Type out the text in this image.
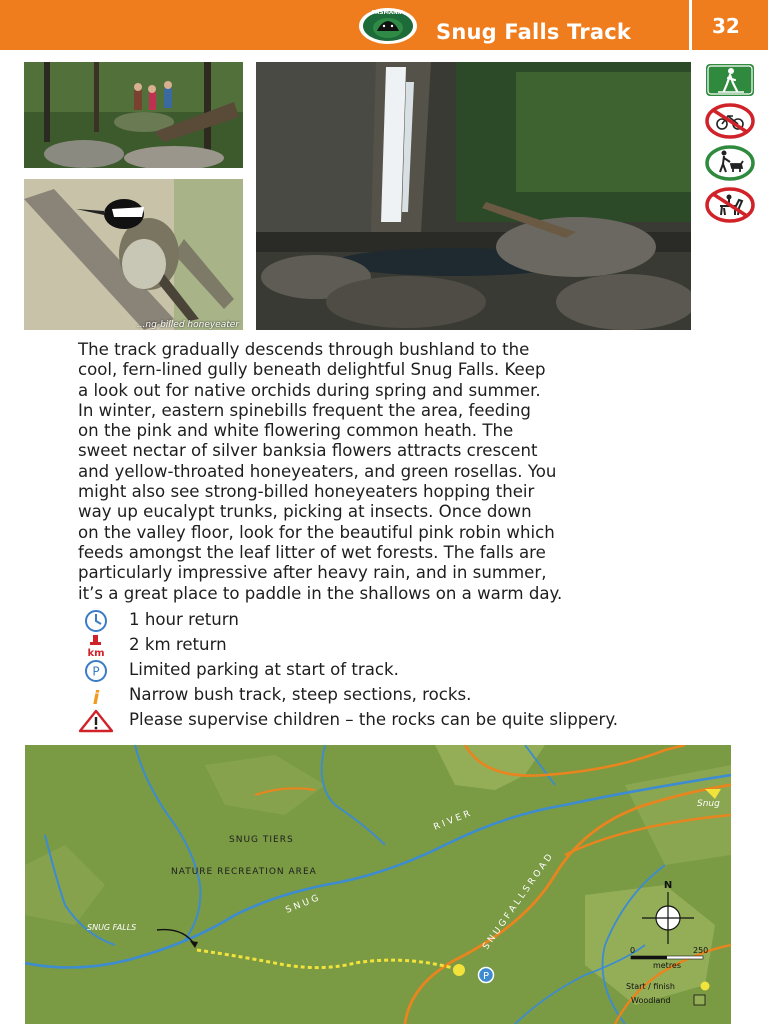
TASMANIA
Snug Falls Track	32
...ng-billed honeyeater

The track gradually descends through bushland to the

cool, fern-lined gully beneath delightful Snug Falls. Keep

a look out for native orchids during spring and summer.

In winter, eastern spinebills frequent the area, feeding

on the pink and white flowering common heath. The

sweet nectar of silver banksia flowers attracts crescent

and yellow-throated honeyeaters, and green rosellas. You

might also see strong-billed honeyeaters hopping their

way up eucalypt trunks, picking at insects. Once down

on the valley floor, look for the beautiful pink robin which

feeds amongst the leaf litter of wet forests. The falls are

particularly impressive after heavy rain, and in summer,

it’s a great place to paddle in the shallows on a warm day.

1 hour return
km 2 km return
P Limited parking at start of track.
i Narrow bush track, steep sections, rocks.
Please supervise children – the rocks can be quite slippery.
P
SNUG TIERS
NATURE RECREATION AREA
R I V E R
S N U G	S N U G F A L L S R O A D
Snug
SNUG FALLS
N
0	250
metres
Start / finish
Woodland
